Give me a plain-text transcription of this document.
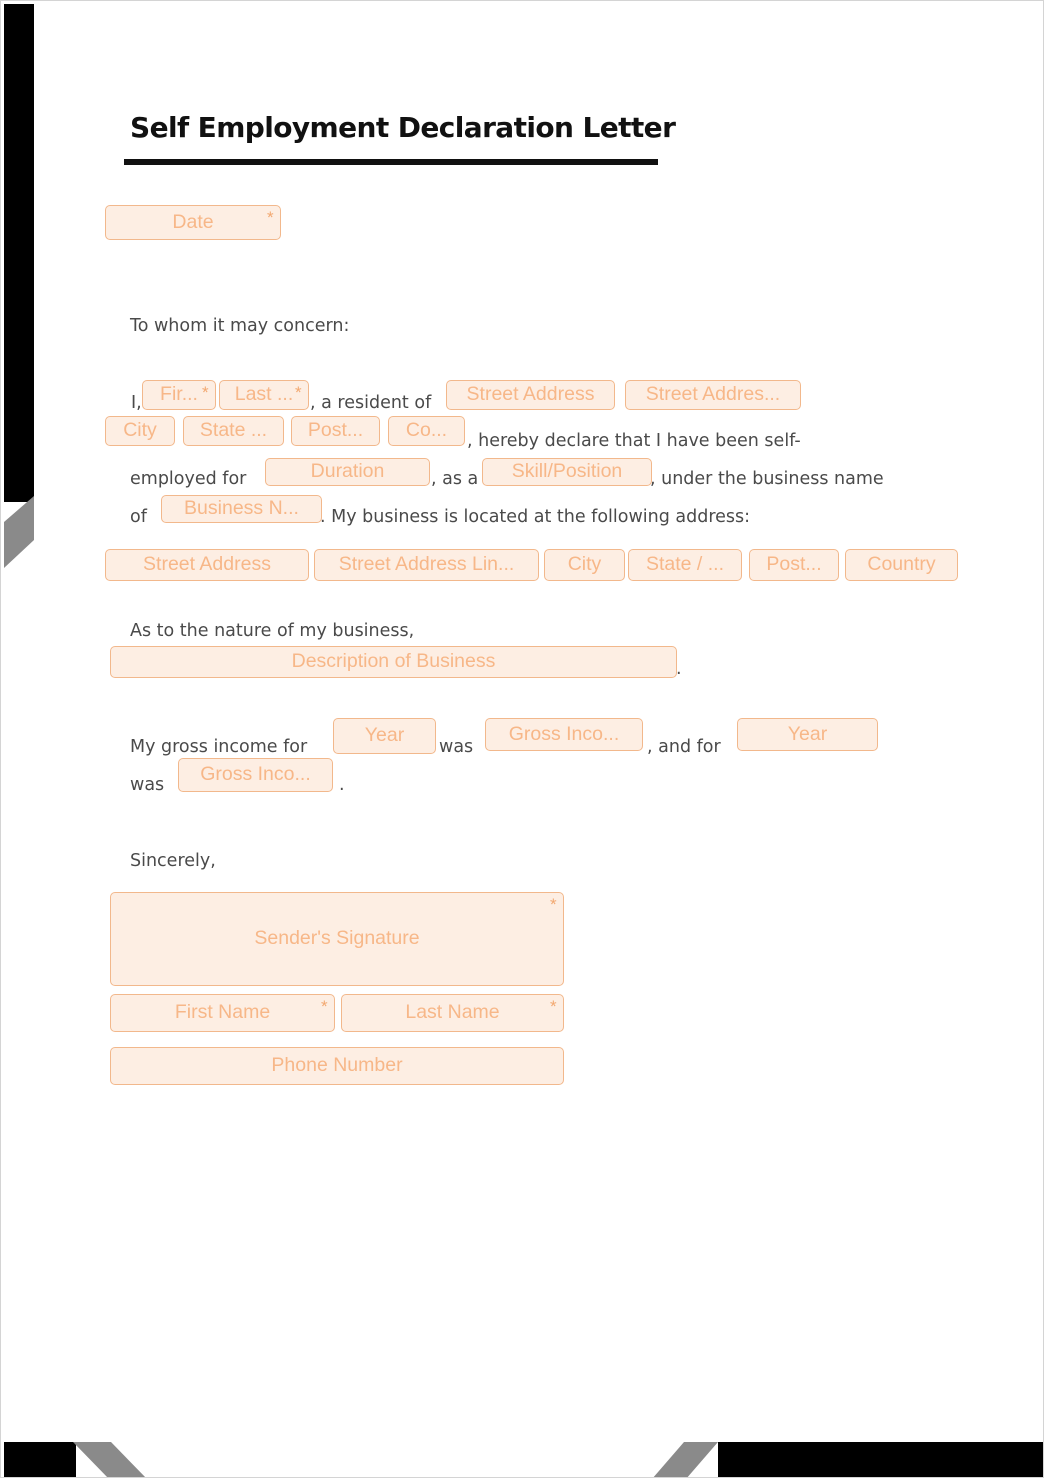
Self Employment Declaration Letter
Date	*
To whom it may concern:
I, Fir... *	Last ... *
, a resident of	Street Address	Street Addres...
City	State ...	Post...	Co...	, hereby declare that I have been self-
employed for	Duration	, as a	Skill/Position	, under the business name
of	Business N...	. My business is located at the following address:
Street Address	Street Address Lin...	City	State / ...	Post...	Country
As to the nature of my business,
Description of Business	.
My gross income for
Year
was
Gross Inco...
, and for
Year
was	Gross Inco...	.
Sincerely,
Sender's Signature
*
First Name	*	Last Name	*
Phone Number
